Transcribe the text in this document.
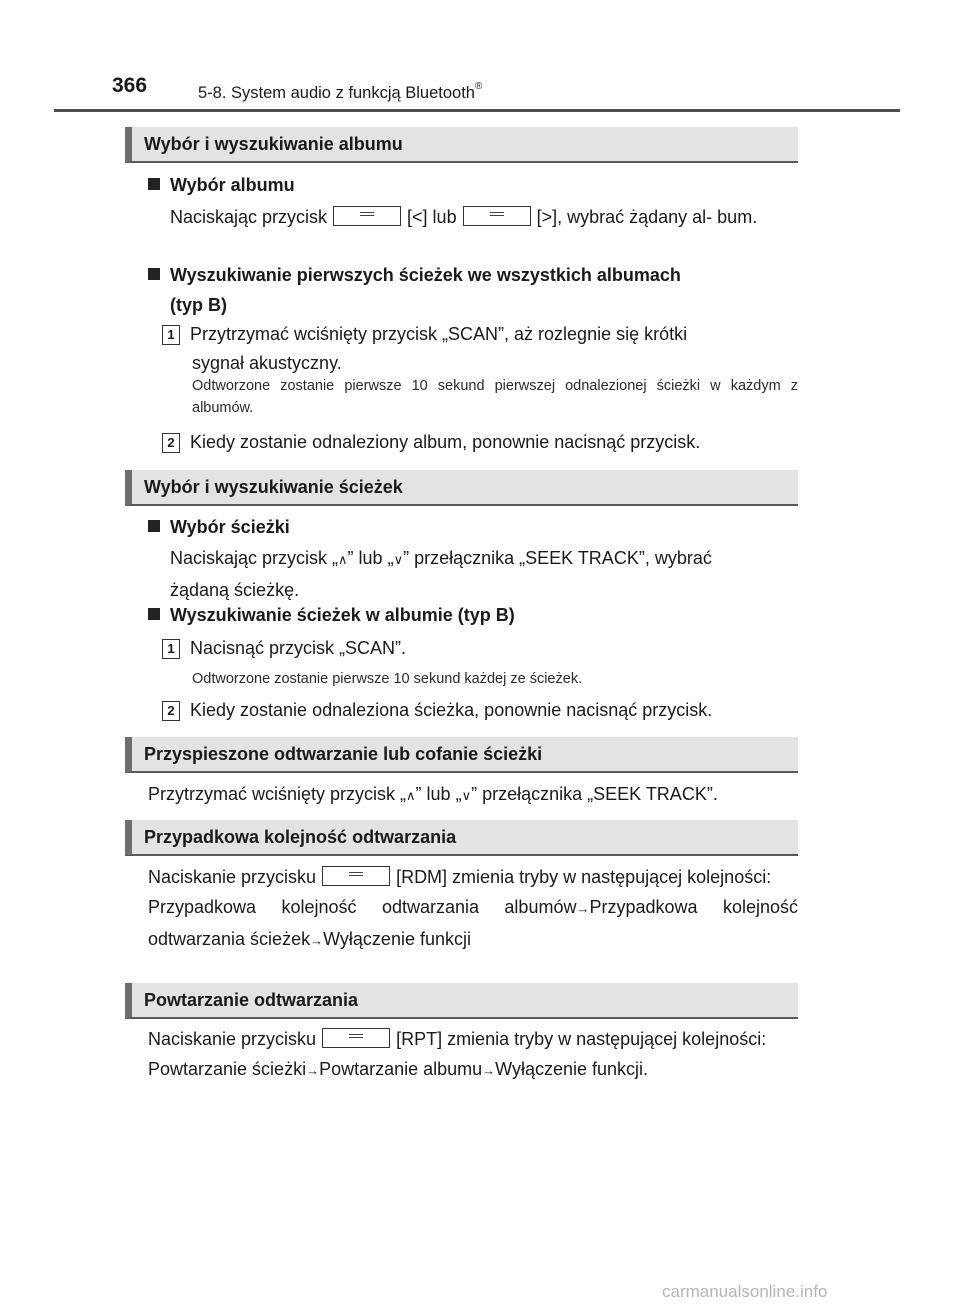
366	5-8. System audio z funkcją Bluetooth®
Wybór i wyszukiwanie albumu
Wybór albumu
Naciskając przycisk	[<] lub	[>], wybrać żądany al- bum.
Wyszukiwanie pierwszych ścieżek we wszystkich albumach
(typ B)
1 Przytrzymać wciśnięty przycisk „SCAN”, aż rozlegnie się krótki
sygnał akustyczny.
Odtworzone zostanie pierwsze 10 sekund pierwszej odnalezionej ścieżki w każdym z albumów.
2 Kiedy zostanie odnaleziony album, ponownie nacisnąć przycisk.
Wybór i wyszukiwanie ścieżek
Wybór ścieżki
Naciskając przycisk „∧” lub „∨” przełącznika „SEEK TRACK”, wybrać
żądaną ścieżkę.
Wyszukiwanie ścieżek w albumie (typ B)
1 Nacisnąć przycisk „SCAN”.
Odtworzone zostanie pierwsze 10 sekund każdej ze ścieżek.
2 Kiedy zostanie odnaleziona ścieżka, ponownie nacisnąć przycisk.
Przyspieszone odtwarzanie lub cofanie ścieżki
Przytrzymać wciśnięty przycisk „∧” lub „∨” przełącznika „SEEK TRACK”.
Przypadkowa kolejność odtwarzania
Naciskanie przycisku	[RDM] zmienia tryby w następującej kolejności:
Przypadkowa kolejność odtwarzania albumów→Przypadkowa kolejność odtwarzania ścieżek→Wyłączenie funkcji
Powtarzanie odtwarzania
Naciskanie przycisku	[RPT] zmienia tryby w następującej kolejności:
Powtarzanie ścieżki→Powtarzanie albumu→Wyłączenie funkcji.
carmanualsonline.info
